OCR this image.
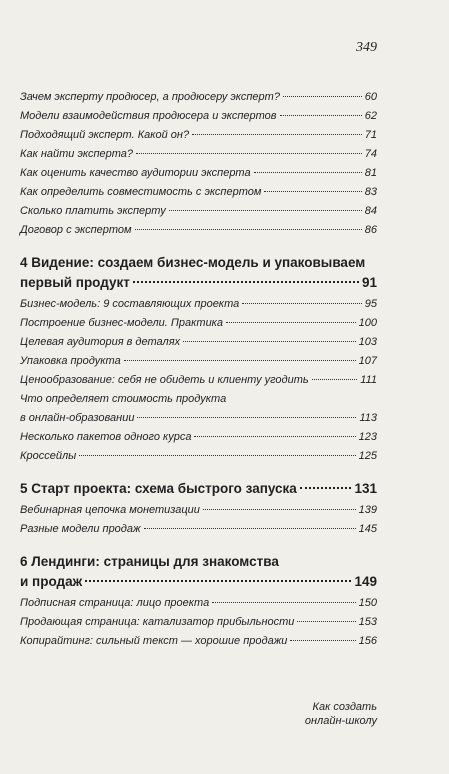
349
Зачем эксперту продюсер, а продюсеру эксперт?	60
Модели взаимодействия продюсера и экспертов	62
Подходящий эксперт. Какой он?	71
Как найти эксперта?	74
Как оценить качество аудитории эксперта	81
Как определить совместимость с экспертом	83
Сколько платить эксперту	84
Договор с экспертом	86
4 Видение: создаем бизнес-модель и упаковываем
первый продукт	91
Бизнес-модель: 9 составляющих проекта	95
Построение бизнес-модели. Практика	100
Целевая аудитория в деталях	103
Упаковка продукта	107
Ценообразование: себя не обидеть и клиенту угодить	111
Что определяет стоимость продукта
в онлайн-образовании	113
Несколько пакетов одного курса	123
Кроссейлы	125
5 Старт проекта: схема быстрого запуска	131
Вебинарная цепочка монетизации	139
Разные модели продаж	145
6 Лендинги: страницы для знакомства
и продаж	149
Подписная страница: лицо проекта	150
Продающая страница: катализатор прибыльности	153
Копирайтинг: сильный текст — хорошие продажи	156
Как создать
онлайн-школу
